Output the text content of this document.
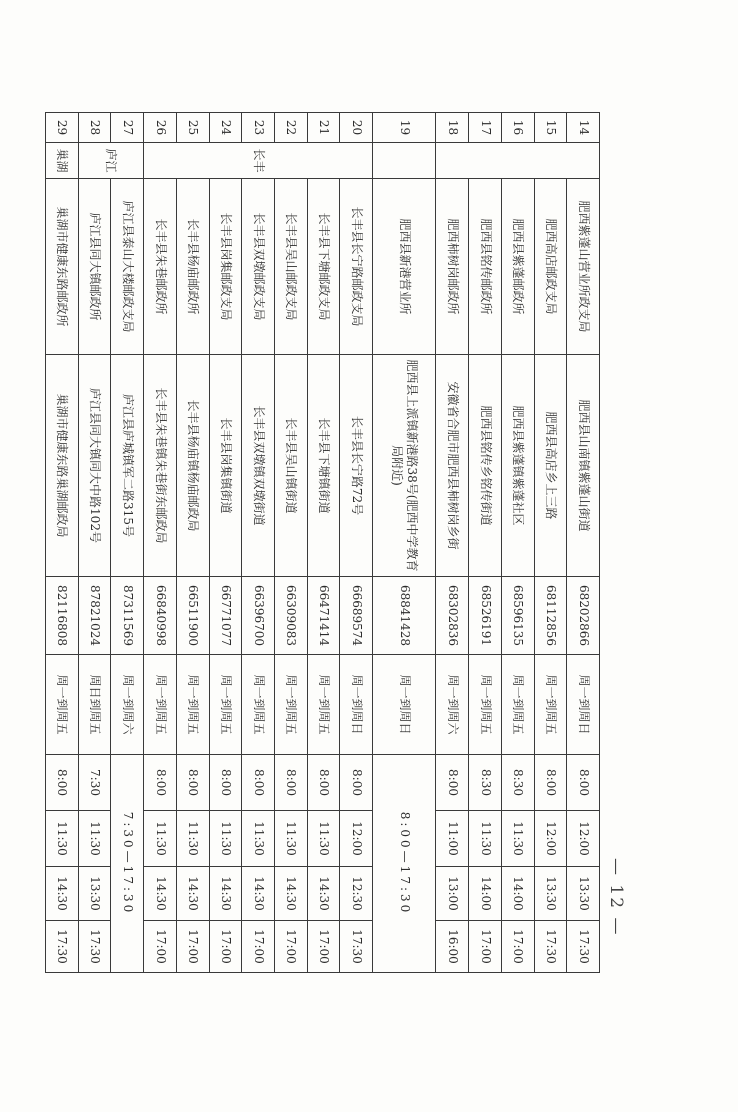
14		肥西紫蓬山营业所政支局	肥西县山南镇紫蓬山街道	68202866	周一到周日	8:00	12:00	13:30	17:30
15		肥西高店邮政支局	肥西县高店乡上三路	68112856	周一到周五	8:00	12:00	13:30	17:30
16		肥西县紫蓬邮政所	肥西县紫蓬镇紫蓬社区	68596135	周一到周五	8:30	11:30	14:00	17:00
17		肥西县铭传邮政所	肥西县铭传乡铭传街道	68526191	周一到周五	8:30	11:30	14:00	17:00
18		肥西柿树岗邮政所	安徽省合肥市肥西县柿树岗乡街	68302836	周一到周六	8:00	11:00	13:00	16:00
19		肥西县新港营业所	肥西县上派镇新港路38号(肥西中学教育局附近)	68841428	周一到周日	8:00—17:30			
20	长丰	长丰县长宁路邮政支局	长丰县长宁路72号	66689574	周一到周日	8:00	12:00	12:30	17:30
21		长丰县下塘邮政支局	长丰县下塘镇街道	66471414	周一到周五	8:00	11:30	14:30	17:00
22		长丰县吴山邮政支局	长丰县吴山镇街道	66309083	周一到周五	8:00	11:30	14:30	17:00
23		长丰县双墩邮政支局	长丰县双墩镇双墩街道	66396700	周一到周五	8:00	11:30	14:30	17:00
24		长丰县岗集邮政支局	长丰县岗集镇街道	66771077	周一到周五	8:00	11:30	14:30	17:00
25		长丰县杨庙邮政所	长丰县杨庙镇杨庙邮政局	66511900	周一到周五	8:00	11:30	14:30	17:00
26		长丰县朱巷邮政所	长丰县朱巷镇朱巷街东邮政局	66840998	周一到周五	8:00	11:30	14:30	17:00
27	庐江	庐江县泰山大楼邮政支局	庐江县庐城镇军二路315号	87311569	周一到周六	7:30—17:30			
28		庐江县同大镇邮政所	庐江县同大镇同大中路102号	87821024	周日到周五	7:30	11:30	13:30	17:30
29	巢湖	巢湖市健康东路邮政所	巢湖市健康东路巢湖邮政局	82116808	周一到周五	8:00	11:30	14:30	17:30
— 12 —
